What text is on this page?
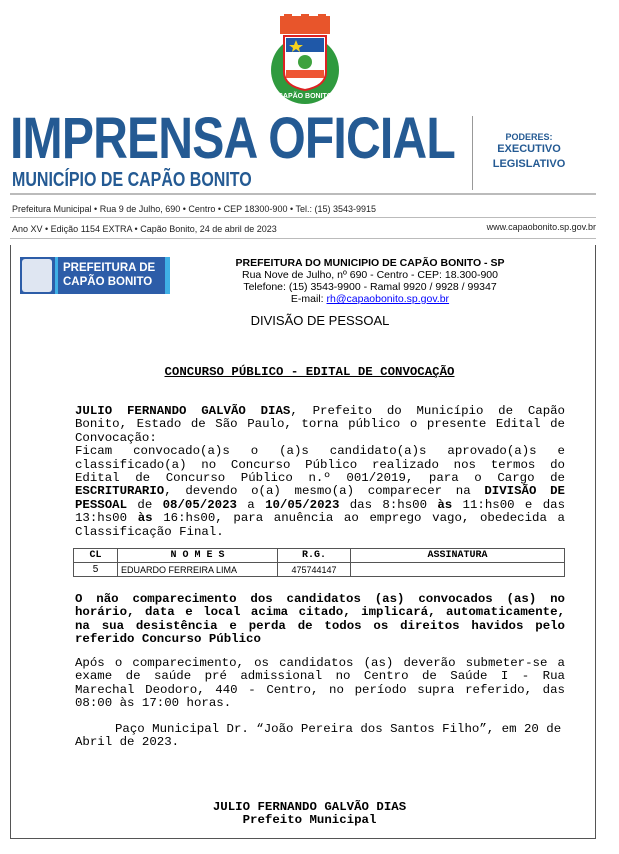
CAPÃO BONITO
IMPRENSA OFICIAL
MUNICÍPIO DE CAPÃO BONITO
PODERES:
EXECUTIVO
LEGISLATIVO
Prefeitura Municipal • Rua 9 de Julho, 690 • Centro • CEP 18300-900 • Tel.: (15) 3543-9915
Ano XV • Edição 1154 EXTRA • Capão Bonito, 24 de abril de 2023	www.capaobonito.sp.gov.br
PREFEITURA DE
CAPÃO BONITO
PREFEITURA DO MUNICIPIO DE CAPÃO BONITO - SP
Rua Nove de Julho, nº 690 - Centro - CEP: 18.300-900
Telefone: (15) 3543-9900 - Ramal 9920 / 9928 / 99347
E-mail: rh@capaobonito.sp.gov.br
DIVISÃO DE PESSOAL
CONCURSO PÚBLICO - EDITAL DE CONVOCAÇÃO
JULIO FERNANDO GALVÃO DIAS, Prefeito do Município de Capão Bonito, Estado de São Paulo, torna público o presente Edital de Convocação:
Ficam convocado(a)s o (a)s candidato(a)s aprovado(a)s e classificado(a) no Concurso Público realizado nos termos do Edital de Concurso Público n.º 001/2019, para o Cargo de ESCRITURARIO, devendo o(a) mesmo(a) comparecer na DIVISÃO DE PESSOAL de 08/05/2023 a 10/05/2023 das 8:hs00 às 11:hs00 e das 13:hs00 às 16:hs00, para anuência ao emprego vago, obedecida a Classificação Final.
CL	N O M E S	R.G.	ASSINATURA
5	EDUARDO FERREIRA LIMA	475744147	
O não comparecimento dos candidatos (as) convocados (as) no horário, data e local acima citado, implicará, automaticamente, na sua desistência e perda de todos os direitos havidos pelo referido Concurso Público
Após o comparecimento, os candidatos (as) deverão submeter-se a exame de saúde pré admissional no Centro de Saúde I - Rua Marechal Deodoro, 440 - Centro, no período supra referido, das 08:00 às 17:00 horas.
Paço Municipal Dr. “João Pereira dos Santos Filho”, em 20 de Abril de 2023.
JULIO FERNANDO GALVÃO DIAS
Prefeito Municipal
